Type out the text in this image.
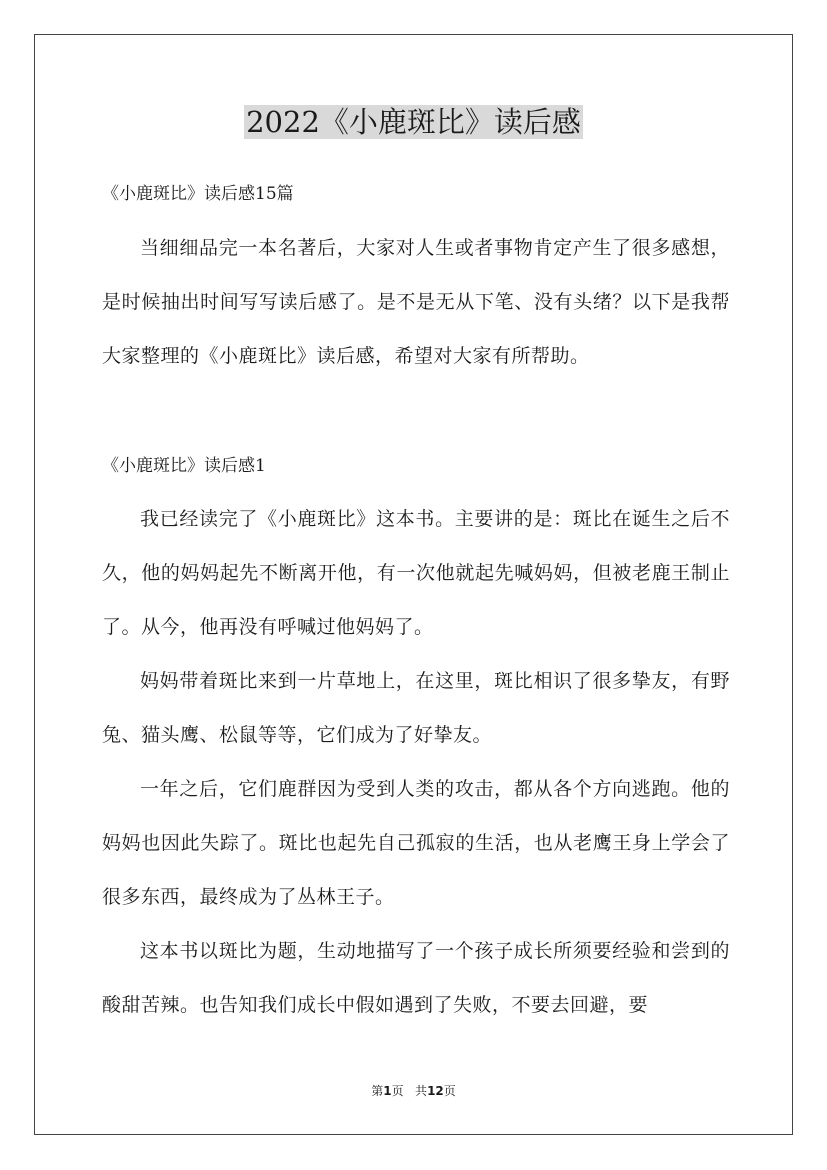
2022《小鹿斑比》读后感

《小鹿斑比》读后感15篇

当细细品完一本名著后，大家对人生或者事物肯定产生了很多感想，是时候抽出时间写写读后感了。是不是无从下笔、没有头绪？以下是我帮大家整理的《小鹿斑比》读后感，希望对大家有所帮助。

《小鹿斑比》读后感1

我已经读完了《小鹿斑比》这本书。主要讲的是：斑比在诞生之后不久，他的妈妈起先不断离开他，有一次他就起先喊妈妈，但被老鹿王制止了。从今，他再没有呼喊过他妈妈了。

妈妈带着斑比来到一片草地上，在这里，斑比相识了很多挚友，有野兔、猫头鹰、松鼠等等，它们成为了好挚友。

一年之后，它们鹿群因为受到人类的攻击，都从各个方向逃跑。他的妈妈也因此失踪了。斑比也起先自己孤寂的生活，也从老鹰王身上学会了很多东西，最终成为了丛林王子。

这本书以斑比为题，生动地描写了一个孩子成长所须要经验和尝到的酸甜苦辣。也告知我们成长中假如遇到了失败，不要去回避，要

第1页 共12页
